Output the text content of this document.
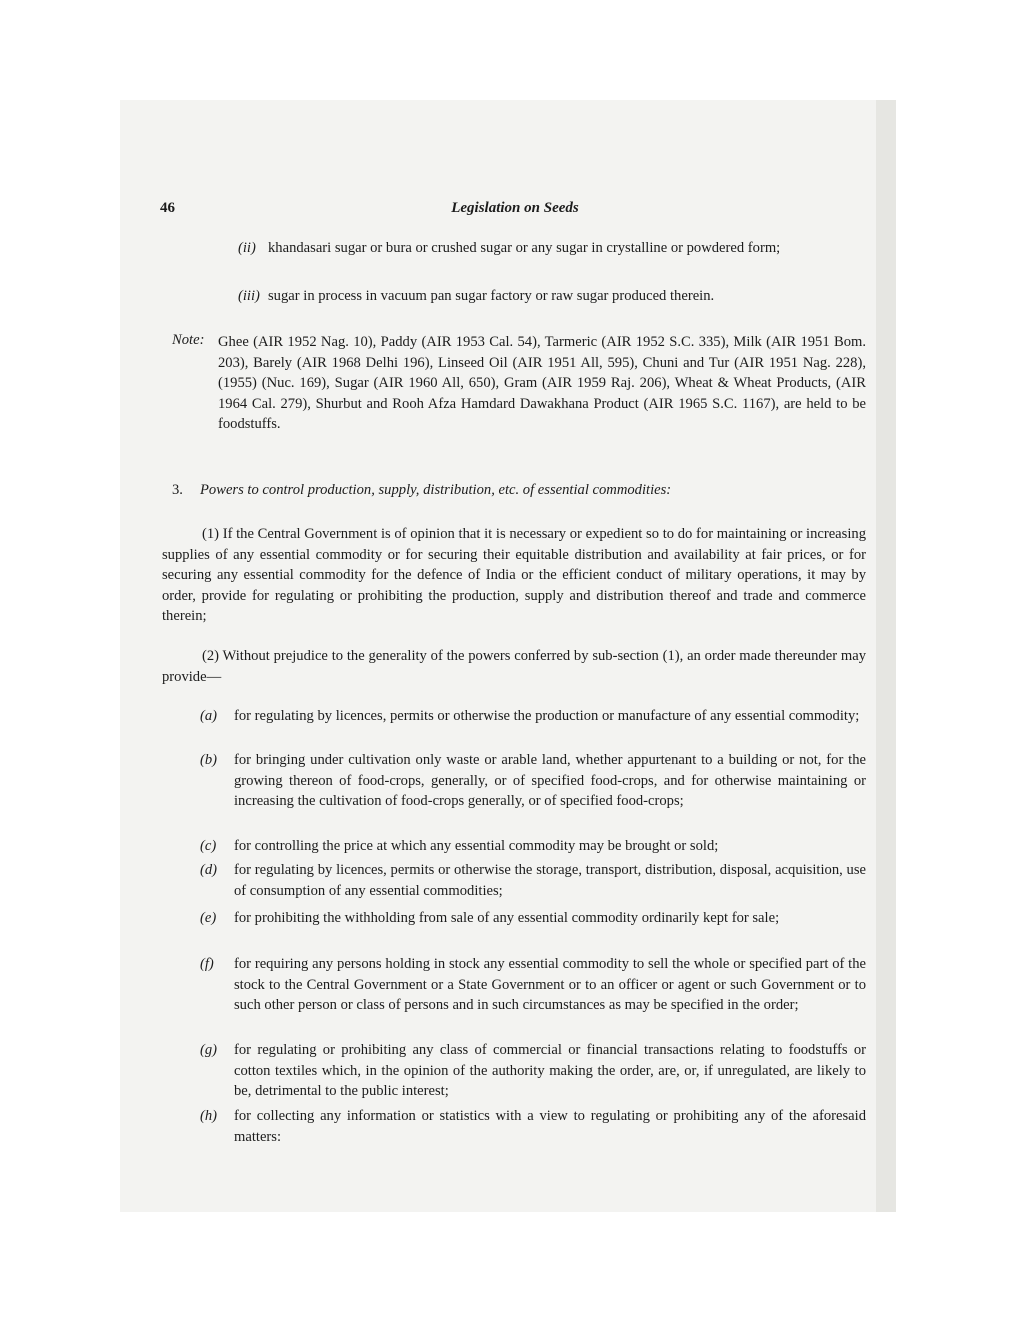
46	Legislation on Seeds
(ii) khandasari sugar or bura or crushed sugar or any sugar in crystalline or powdered form;
(iii) sugar in process in vacuum pan sugar factory or raw sugar produced therein.
Note: Ghee (AIR 1952 Nag. 10), Paddy (AIR 1953 Cal. 54), Tarmeric (AIR 1952 S.C. 335), Milk (AIR 1951 Bom. 203), Barely (AIR 1968 Delhi 196), Linseed Oil (AIR 1951 All, 595), Chuni and Tur (AIR 1951 Nag. 228), (1955) (Nuc. 169), Sugar (AIR 1960 All, 650), Gram (AIR 1959 Raj. 206), Wheat & Wheat Products, (AIR 1964 Cal. 279), Shurbut and Rooh Afza Hamdard Dawakhana Product (AIR 1965 S.C. 1167), are held to be foodstuffs.
3. Powers to control production, supply, distribution, etc. of essential commodities:
(1) If the Central Government is of opinion that it is necessary or expedient so to do for maintaining or increasing supplies of any essential commodity or for securing their equitable distribution and availability at fair prices, or for securing any essential commodity for the defence of India or the efficient conduct of military operations, it may by order, provide for regulating or prohibiting the production, supply and distribution thereof and trade and commerce therein;
(2) Without prejudice to the generality of the powers conferred by sub-section (1), an order made thereunder may provide—
(a) for regulating by licences, permits or otherwise the production or manufacture of any essential commodity;
(b) for bringing under cultivation only waste or arable land, whether appurtenant to a building or not, for the growing thereon of food-crops, generally, or of specified food-crops, and for otherwise maintaining or increasing the cultivation of food-crops generally, or of specified food-crops;
(c) for controlling the price at which any essential commodity may be brought or sold;
(d) for regulating by licences, permits or otherwise the storage, transport, distribution, disposal, acquisition, use of consumption of any essential commodities;
(e) for prohibiting the withholding from sale of any essential commodity ordinarily kept for sale;
(f) for requiring any persons holding in stock any essential commodity to sell the whole or specified part of the stock to the Central Government or a State Government or to an officer or agent or such Government or to such other person or class of persons and in such circumstances as may be specified in the order;
(g) for regulating or prohibiting any class of commercial or financial transactions relating to foodstuffs or cotton textiles which, in the opinion of the authority making the order, are, or, if unregulated, are likely to be, detrimental to the public interest;
(h) for collecting any information or statistics with a view to regulating or prohibiting any of the aforesaid matters:
